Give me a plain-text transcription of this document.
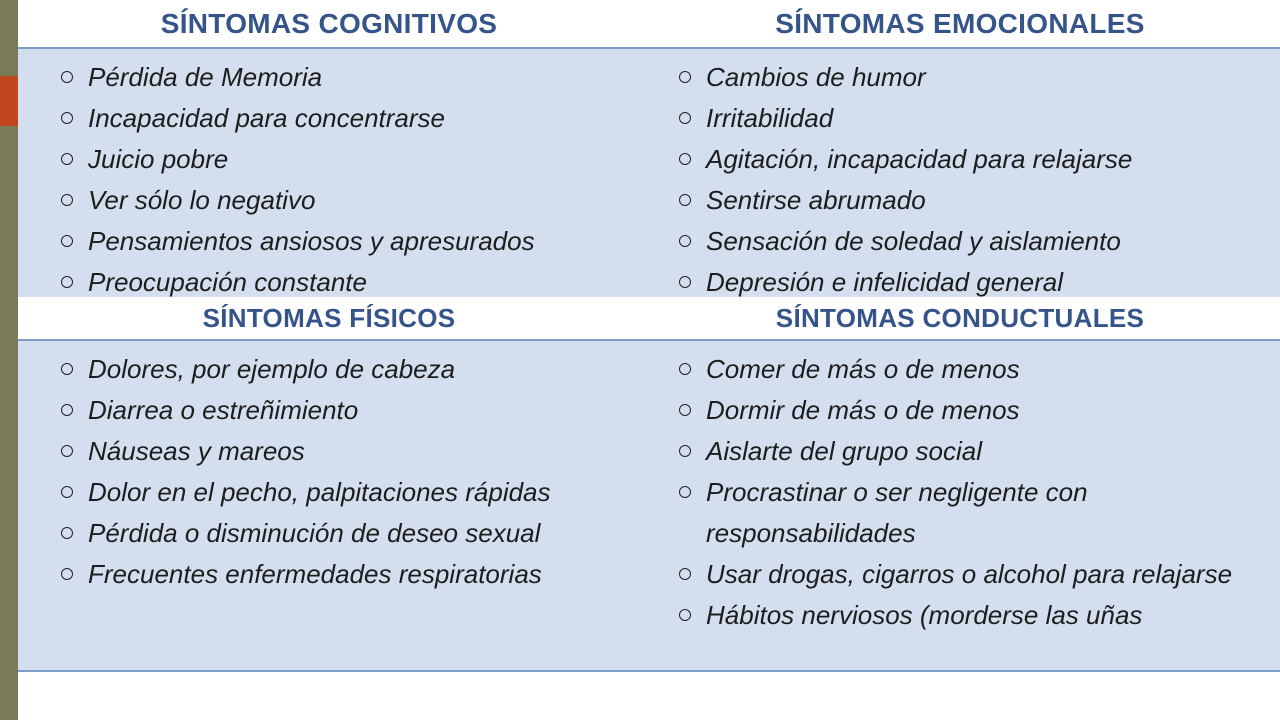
SÍNTOMAS COGNITIVOS	SÍNTOMAS EMOCIONALES
Pérdida de Memoria
Incapacidad para concentrarse
Juicio pobre
Ver sólo lo negativo
Pensamientos ansiosos y apresurados
Preocupación constante
Cambios de humor
Irritabilidad
Agitación, incapacidad para relajarse
Sentirse abrumado
Sensación de soledad y aislamiento
Depresión e infelicidad general
SÍNTOMAS FÍSICOS	SÍNTOMAS CONDUCTUALES
Dolores, por ejemplo de cabeza
Diarrea o estreñimiento
Náuseas y mareos
Dolor en el pecho, palpitaciones rápidas
Pérdida o disminución de deseo sexual
Frecuentes enfermedades respiratorias
Comer de más o de menos
Dormir de más o de menos
Aislarte del grupo social
Procrastinar o ser negligente con responsabilidades
Usar drogas, cigarros o alcohol para relajarse
Hábitos nerviosos (morderse las uñas
